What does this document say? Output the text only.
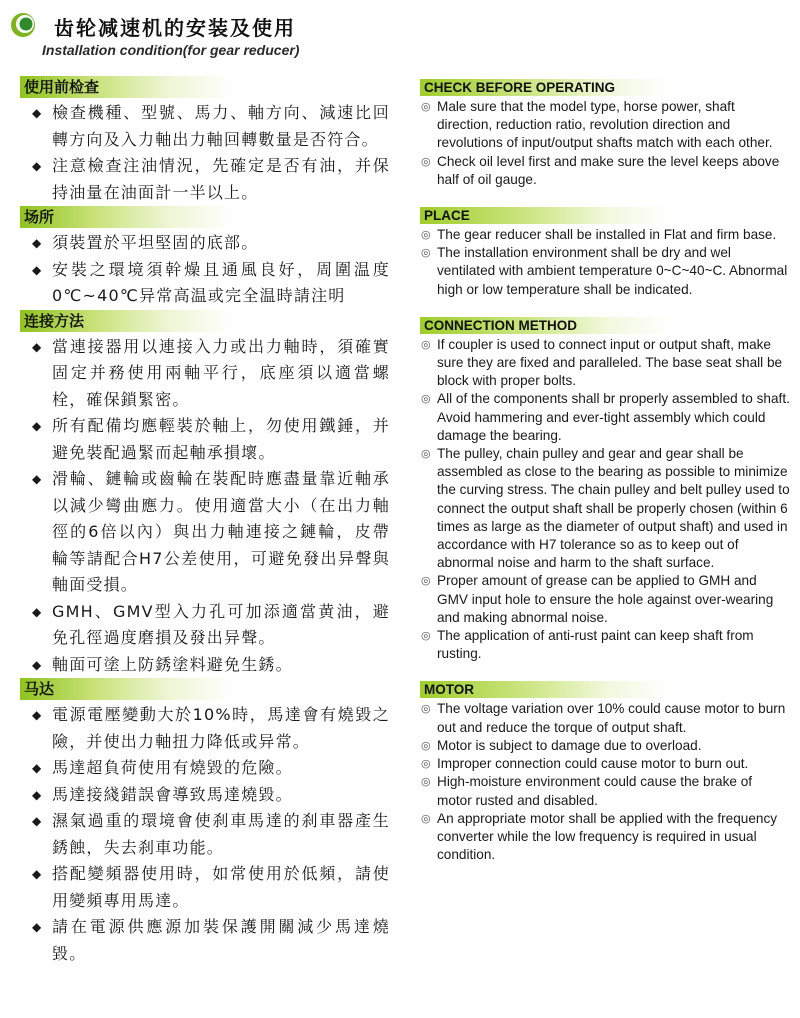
齿轮减速机的安装及使用
Installation condition(for gear reducer)
使用前检查
◆ 檢查機種、型號、馬力、軸方向、減速比回轉方向及入力軸出力軸回轉數量是否符合。
◆ 注意檢查注油情況，先確定是否有油，并保持油量在油面計一半以上。
场所
◆ 須裝置於平坦堅固的底部。
◆ 安裝之環境須幹燥且通風良好，周圍温度0℃~40℃异常高温或完全温時請注明
连接方法
◆ 當連接器用以連接入力或出力軸時，須確實固定并務使用兩軸平行，底座須以適當螺栓，確保鎖緊密。
◆ 所有配備均應輕裝於軸上，勿使用鐵錘，并避免裝配過緊而起軸承損壞。
◆ 滑輪、鏈輪或齒輪在裝配時應盡量靠近軸承以減少彎曲應力。使用適當大小（在出力軸徑的6倍以內）與出力軸連接之鏈輪，皮帶輪等請配合H7公差使用，可避免發出异聲與軸面受損。
◆ GMH、GMV型入力孔可加添適當黄油，避免孔徑過度磨損及發出异聲。
◆ 軸面可塗上防銹塗料避免生銹。
马达
◆ 電源電壓變動大於10%時，馬達會有燒毀之險，并使出力軸扭力降低或异常。
◆ 馬達超負荷使用有燒毀的危險。
◆ 馬達接綫錯誤會導致馬達燒毀。
◆ 濕氣過重的環境會使刹車馬達的刹車器產生銹蝕，失去刹車功能。
◆ 搭配變頻器使用時，如常使用於低頻，請使用變頻專用馬達。
◆ 請在電源供應源加裝保護開關減少馬達燒毀。
CHECK BEFORE OPERATING
◎ Male sure that the model type, horse power, shaft direction, reduction ratio, revolution direction and revolutions of input/output shafts match with each other.
◎ Check oil level first and make sure the level keeps above half of oil gauge.
PLACE
◎ The gear reducer shall be installed in Flat and firm base.
◎ The installation environment shall be dry and wel ventilated with ambient temperature 0~C~40~C. Abnormal high or low temperature shall be indicated.
CONNECTION METHOD
◎ If coupler is used to connect input or output shaft, make sure they are fixed and paralleled. The base seat shall be block with proper bolts.
◎ All of the components shall br properly assembled to shaft. Avoid hammering and ever-tight assembly which could damage the bearing.
◎ The pulley, chain pulley and gear and gear shall be assembled as close to the bearing as possible to minimize the curving stress. The chain pulley and belt pulley used to connect the output shaft shall be properly chosen (within 6 times as large as the diameter of output shaft) and used in accordance with H7 tolerance so as to keep out of abnormal noise and harm to the shaft surface.
◎ Proper amount of grease can be applied to GMH and GMV input hole to ensure the hole against over-wearing and making abnormal noise.
◎ The application of anti-rust paint can keep shaft from rusting.
MOTOR
◎ The voltage variation over 10% could cause motor to burn out and reduce the torque of output shaft.
◎ Motor is subject to damage due to overload.
◎ Improper connection could cause motor to burn out.
◎ High-moisture environment could cause the brake of motor rusted and disabled.
◎ An appropriate motor shall be applied with the frequency converter while the low frequency is required in usual condition.
